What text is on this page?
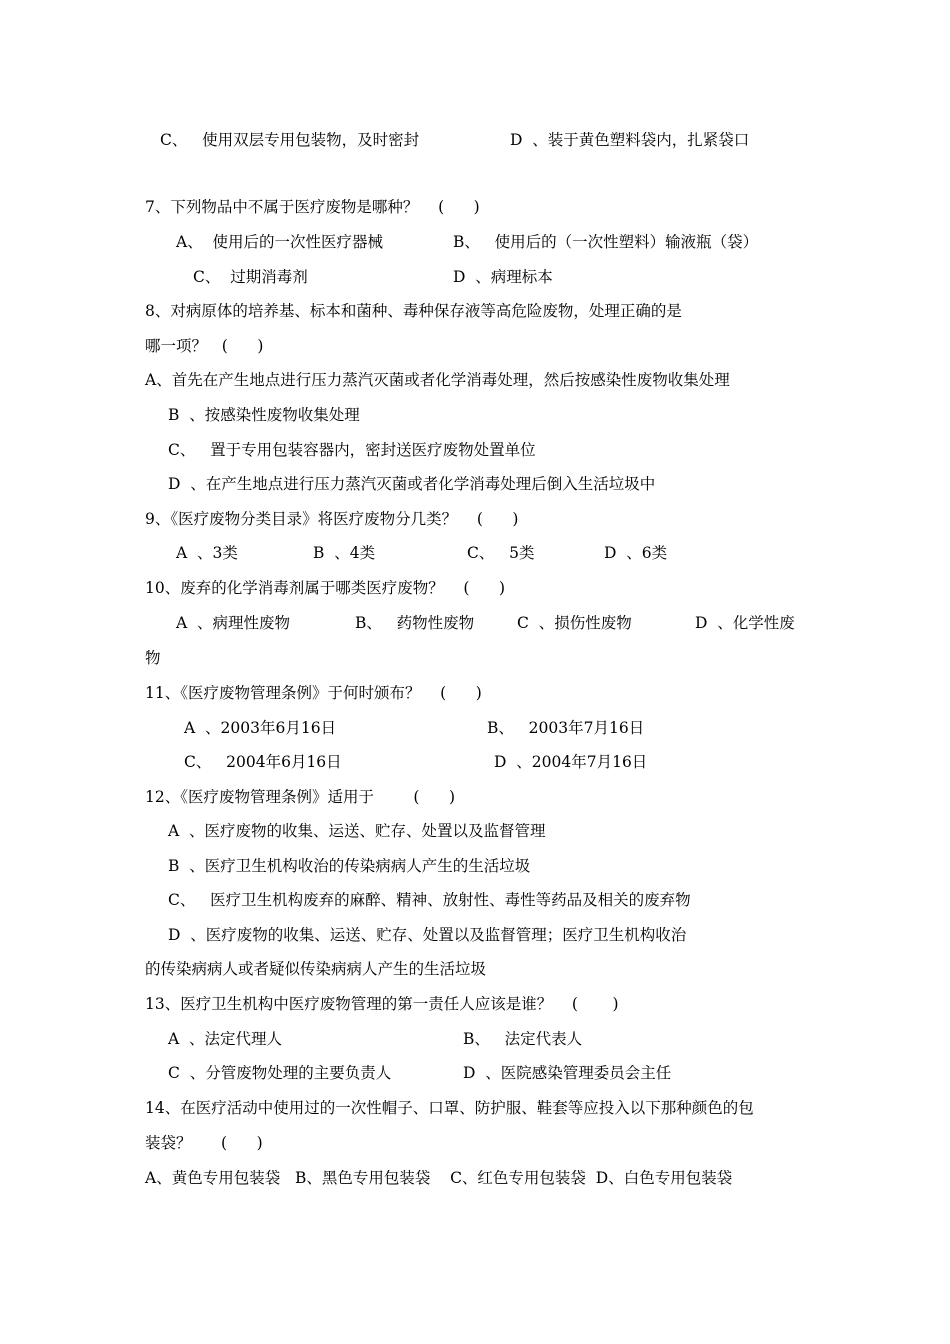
C、   使用双层专用包装物，及时密封	D  、装于黄色塑料袋内，扎紧袋口
7、下列物品中不属于医疗废物是哪种？    (      )
A、  使用后的一次性医疗器械	B、   使用后的（一次性塑料）输液瓶（袋）
C、  过期消毒剂	D  、病理标本
8、对病原体的培养基、标本和菌种、毒种保存液等高危险废物，处理正确的是
哪一项？   (      )
A、首先在产生地点进行压力蒸汽灭菌或者化学消毒处理，然后按感染性废物收集处理
B  、按感染性废物收集处理
C、   置于专用包装容器内，密封送医疗废物处置单位
D  、在产生地点进行压力蒸汽灭菌或者化学消毒处理后倒入生活垃圾中
9、《医疗废物分类目录》将医疗废物分几类？    (      )
A  、3类	B  、4类	C、   5类	D  、6类
10、废弃的化学消毒剂属于哪类医疗废物？    (      )
A  、病理性废物	B、   药物性废物	C  、损伤性废物	D  、化学性废
物
11、《医疗废物管理条例》于何时颁布？    (      )
A  、2003年6月16日	B、   2003年7月16日
C、   2004年6月16日	D  、2004年7月16日
12、《医疗废物管理条例》适用于        (      )
A  、医疗废物的收集、运送、贮存、处置以及监督管理
B  、医疗卫生机构收治的传染病病人产生的生活垃圾
C、   医疗卫生机构废弃的麻醉、精神、放射性、毒性等药品及相关的废弃物
D  、医疗废物的收集、运送、贮存、处置以及监督管理；医疗卫生机构收治
的传染病病人或者疑似传染病病人产生的生活垃圾
13、医疗卫生机构中医疗废物管理的第一责任人应该是谁？    (       )
A  、法定代理人	B、   法定代表人
C  、分管废物处理的主要负责人	D  、医院感染管理委员会主任
14、在医疗活动中使用过的一次性帽子、口罩、防护服、鞋套等应投入以下那种颜色的包
装袋？      (      )
A、黄色专用包装袋   B、黑色专用包装袋    C、红色专用包装袋  D、白色专用包装袋
